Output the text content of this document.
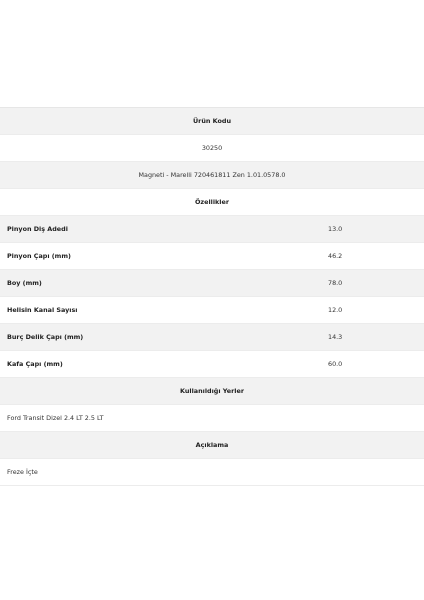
Ürün Kodu
30250
Magneti - Marelli 720461811 Zen 1.01.0578.0
Özellikler
Pinyon Diş Adedi	13.0
Pinyon Çapı (mm)	46.2
Boy (mm)	78.0
Helisin Kanal Sayısı	12.0
Burç Delik Çapı (mm)	14.3
Kafa Çapı (mm)	60.0
Kullanıldığı Yerler
Ford Transit Dizel 2.4 LT 2.5 LT
Açıklama
Freze İçte
